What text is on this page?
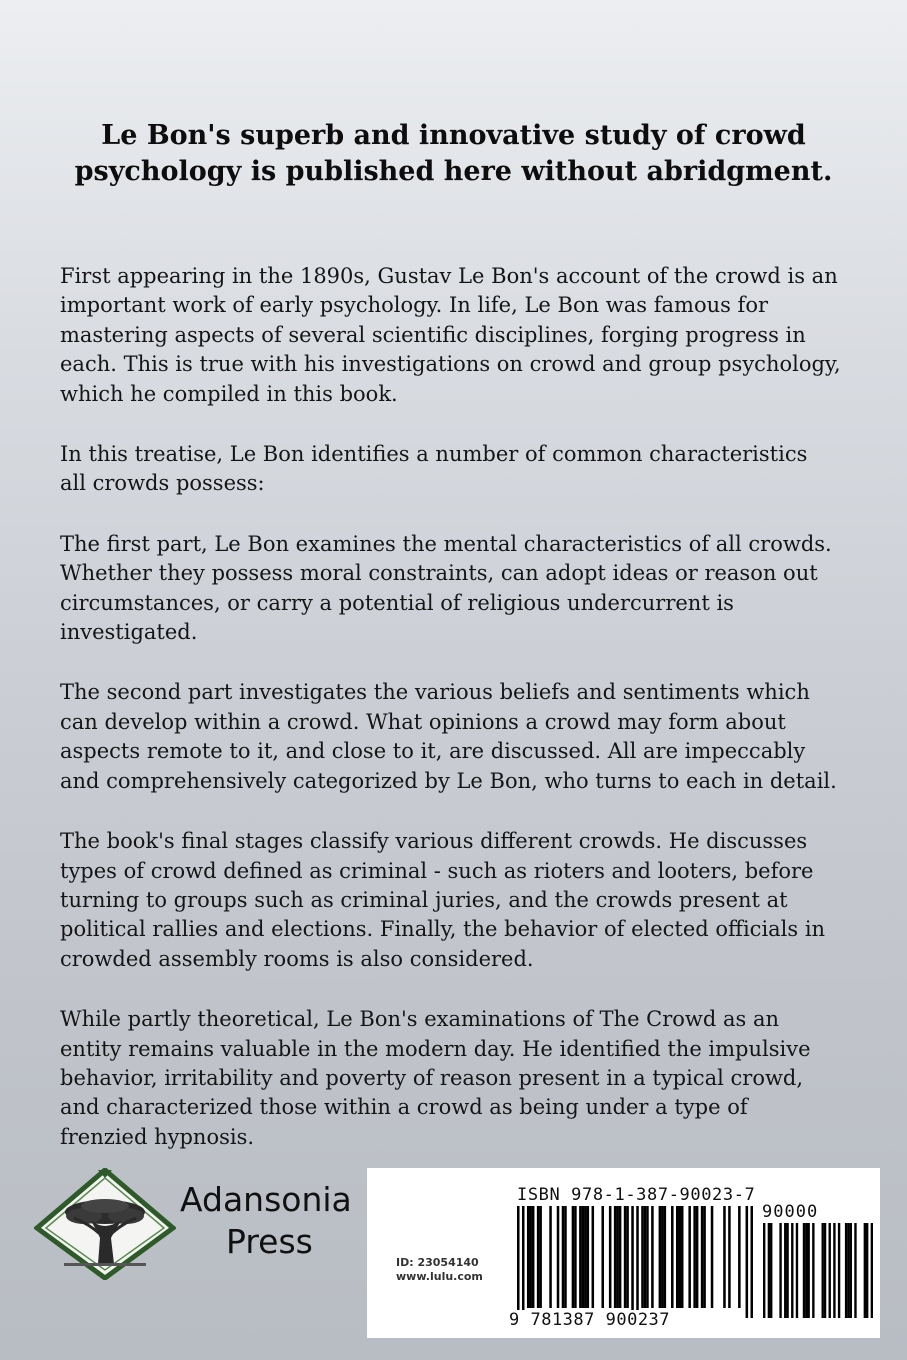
Le Bon's superb and innovative study of crowd
psychology is published here without abridgment.

First appearing in the 1890s, Gustav Le Bon's account of the crowd is an
important work of early psychology. In life, Le Bon was famous for
mastering aspects of several scientific disciplines, forging progress in
each. This is true with his investigations on crowd and group psychology,
which he compiled in this book.

In this treatise, Le Bon identifies a number of common characteristics
all crowds possess:

The first part, Le Bon examines the mental characteristics of all crowds.
Whether they possess moral constraints, can adopt ideas or reason out
circumstances, or carry a potential of religious undercurrent is
investigated.

The second part investigates the various beliefs and sentiments which
can develop within a crowd. What opinions a crowd may form about
aspects remote to it, and close to it, are discussed. All are impeccably
and comprehensively categorized by Le Bon, who turns to each in detail.

The book's final stages classify various different crowds. He discusses
types of crowd defined as criminal - such as rioters and looters, before
turning to groups such as criminal juries, and the crowds present at
political rallies and elections. Finally, the behavior of elected officials in
crowded assembly rooms is also considered.

While partly theoretical, Le Bon's examinations of The Crowd as an
entity remains valuable in the modern day. He identified the impulsive
behavior, irritability and poverty of reason present in a typical crowd,
and characterized those within a crowd as being under a type of
frenzied hypnosis.

Adansonia
Press
ISBN 978-1-387-90023-7
90000
ID: 23054140
www.lulu.com
9 781387 900237
